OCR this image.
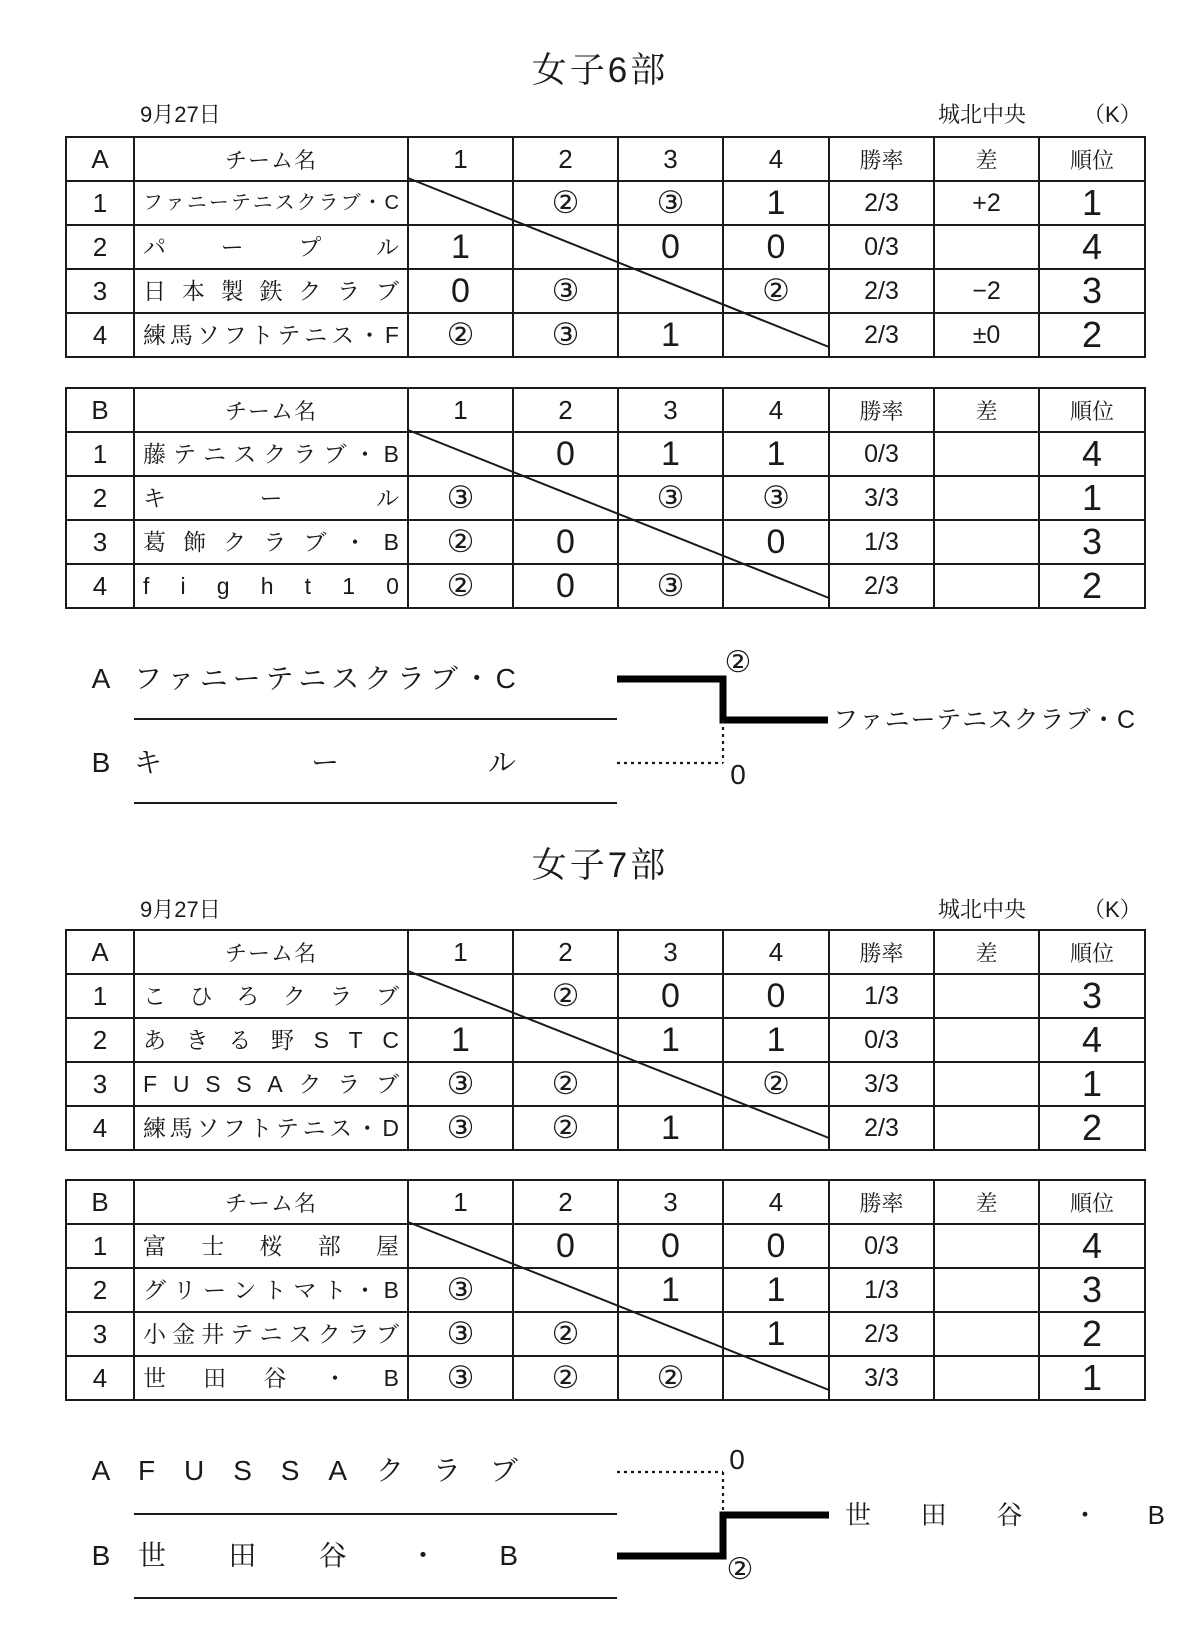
女子6部
9月27日	城北中央	（K）
A	チーム名	1	2	3	4	勝率	差	順位
1	フ ァ ニ ー テ ニ ス ク ラ ブ ・ C		②	③	1	2/3	+2	1
2	パ ー プ ル	1		0	0	0/3		4
3	日 本 製 鉄 ク ラ ブ	0	③		②	2/3	−2	3
4	練 馬 ソ フ ト テ ニ ス ・ F	②	③	1		2/3	±0	2
B	チーム名	1	2	3	4	勝率	差	順位
1	藤 テ ニ ス ク ラ ブ ・ B		0	1	1	0/3		4
2	キ ー ル	③		③	③	3/3		1
3	葛 飾 ク ラ ブ ・ B	②	0		0	1/3		3
4	f i g h t 1 0	②	0	③		2/3		2
A フ ァ ニ ー テ ニ ス ク ラ ブ ・ C
B キ	ー	ル
②
0
フ ァ ニ ー テ ニ ス ク ラ ブ ・ C
女子7部
9月27日	城北中央	（K）
A	チーム名	1	2	3	4	勝率	差	順位
1	こ ひ ろ ク ラ ブ		②	0	0	1/3		3
2	あ き る 野 S T C	1		1	1	0/3		4
3	F U S S A ク ラ ブ	③	②		②	3/3		1
4	練 馬 ソ フ ト テ ニ ス ・ D	③	②	1		2/3		2
B	チーム名	1	2	3	4	勝率	差	順位
1	富 士 桜 部 屋		0	0	0	0/3		4
2	グ リ ー ン ト マ ト ・ B	③		1	1	1/3		3
3	小 金 井 テ ニ ス ク ラ ブ	③	②		1	2/3		2
4	世 田 谷 ・ B	③	②	②		3/3		1
A F U S S A ク ラ ブ
B 世 田 谷 ・ B
0
②
世 田 谷 ・ B
